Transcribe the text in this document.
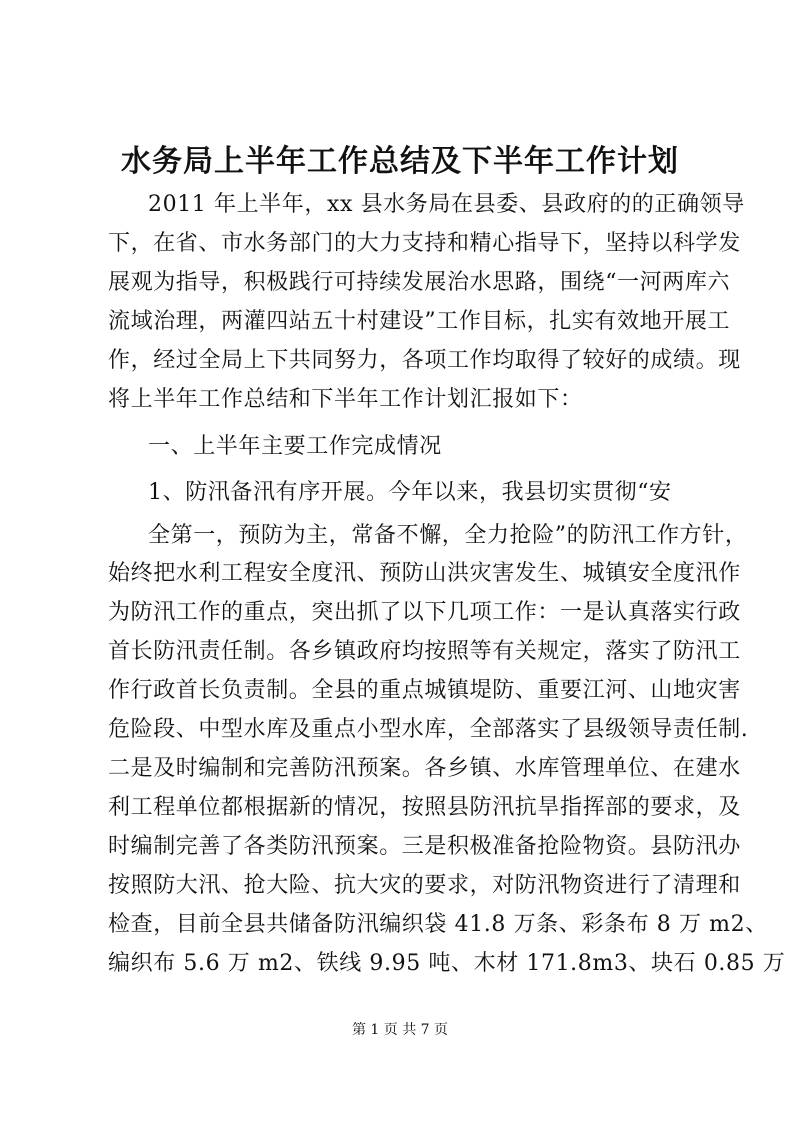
水务局上半年工作总结及下半年工作计划
2011 年上半年，xx 县水务局在县委、县政府的的正确领导
下，在省、市水务部门的大力支持和精心指导下，坚持以科学发
展观为指导，积极践行可持续发展治水思路，围绕“一河两库六
流域治理，两灌四站五十村建设”工作目标，扎实有效地开展工
作，经过全局上下共同努力，各项工作均取得了较好的成绩。现
将上半年工作总结和下半年工作计划汇报如下：
一、上半年主要工作完成情况
1、防汛备汛有序开展。今年以来，我县切实贯彻“安
全第一，预防为主，常备不懈，全力抢险”的防汛工作方针，
始终把水利工程安全度汛、预防山洪灾害发生、城镇安全度汛作
为防汛工作的重点，突出抓了以下几项工作：一是认真落实行政
首长防汛责任制。各乡镇政府均按照等有关规定，落实了防汛工
作行政首长负责制。全县的重点城镇堤防、重要江河、山地灾害
危险段、中型水库及重点小型水库，全部落实了县级领导责任制.
二是及时编制和完善防汛预案。各乡镇、水库管理单位、在建水
利工程单位都根据新的情况，按照县防汛抗旱指挥部的要求，及
时编制完善了各类防汛预案。三是积极准备抢险物资。县防汛办
按照防大汛、抢大险、抗大灾的要求，对防汛物资进行了清理和
检查，目前全县共储备防汛编织袋 41.8 万条、彩条布 8 万 m2、
编织布 5.6 万 m2、铁线 9.95 吨、木材 171.8m3、块石 0.85 万
第 1 页 共 7 页
